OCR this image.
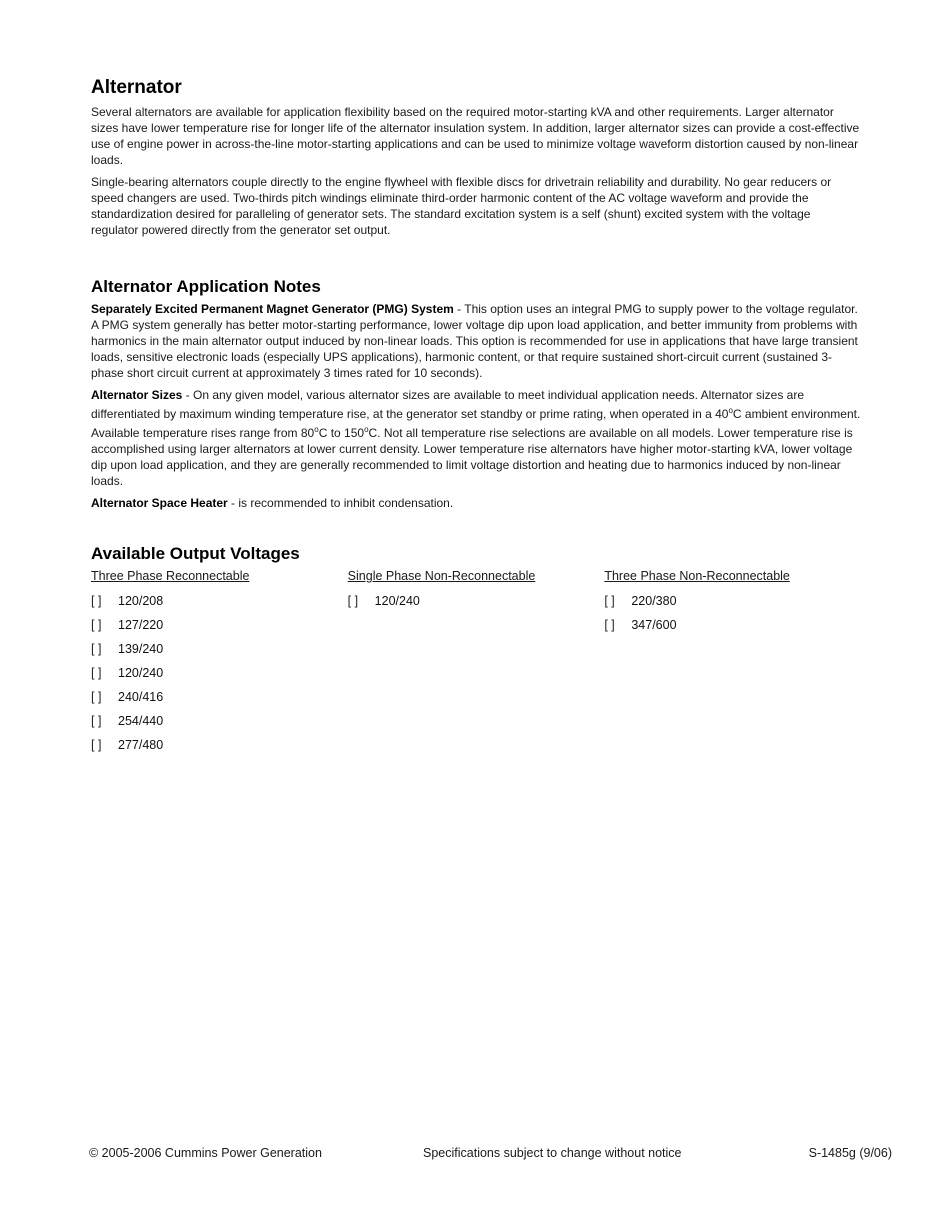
Alternator

Several alternators are available for application flexibility based on the required motor-starting kVA and other requirements. Larger alternator sizes have lower temperature rise for longer life of the alternator insulation system. In addition, larger alternator sizes can provide a cost-effective use of engine power in across-the-line motor-starting applications and can be used to minimize voltage waveform distortion caused by non-linear loads.

Single-bearing alternators couple directly to the engine flywheel with flexible discs for drivetrain reliability and durability. No gear reducers or speed changers are used. Two-thirds pitch windings eliminate third-order harmonic content of the AC voltage waveform and provide the standardization desired for paralleling of generator sets. The standard excitation system is a self (shunt) excited system with the voltage regulator powered directly from the generator set output.

Alternator Application Notes

Separately Excited Permanent Magnet Generator (PMG) System - This option uses an integral PMG to supply power to the voltage regulator. A PMG system generally has better motor-starting performance, lower voltage dip upon load application, and better immunity from problems with harmonics in the main alternator output induced by non-linear loads. This option is recommended for use in applications that have large transient loads, sensitive electronic loads (especially UPS applications), harmonic content, or that require sustained short-circuit current (sustained 3-phase short circuit current at approximately 3 times rated for 10 seconds).

Alternator Sizes - On any given model, various alternator sizes are available to meet individual application needs. Alternator sizes are differentiated by maximum winding temperature rise, at the generator set standby or prime rating, when operated in a 40$^o$C ambient environment. Available temperature rises range from 80$^o$C to 150$^o$C. Not all temperature rise selections are available on all models. Lower temperature rise is accomplished using larger alternators at lower current density. Lower temperature rise alternators have higher motor-starting kVA, lower voltage dip upon load application, and they are generally recommended to limit voltage distortion and heating due to harmonics induced by non-linear loads.

Alternator Space Heater - is recommended to inhibit condensation.

Available Output Voltages
Three Phase Reconnectable
[ ]	120/208
[ ]	127/220
[ ]	139/240
[ ]	120/240
[ ]	240/416
[ ]	254/440
[ ]	277/480
Single Phase Non-Reconnectable
[ ]	120/240
Three Phase Non-Reconnectable
[ ]	220/380
[ ]	347/600
© 2005-2006 Cummins Power Generation	Specifications subject to change without notice	S-1485g (9/06)
